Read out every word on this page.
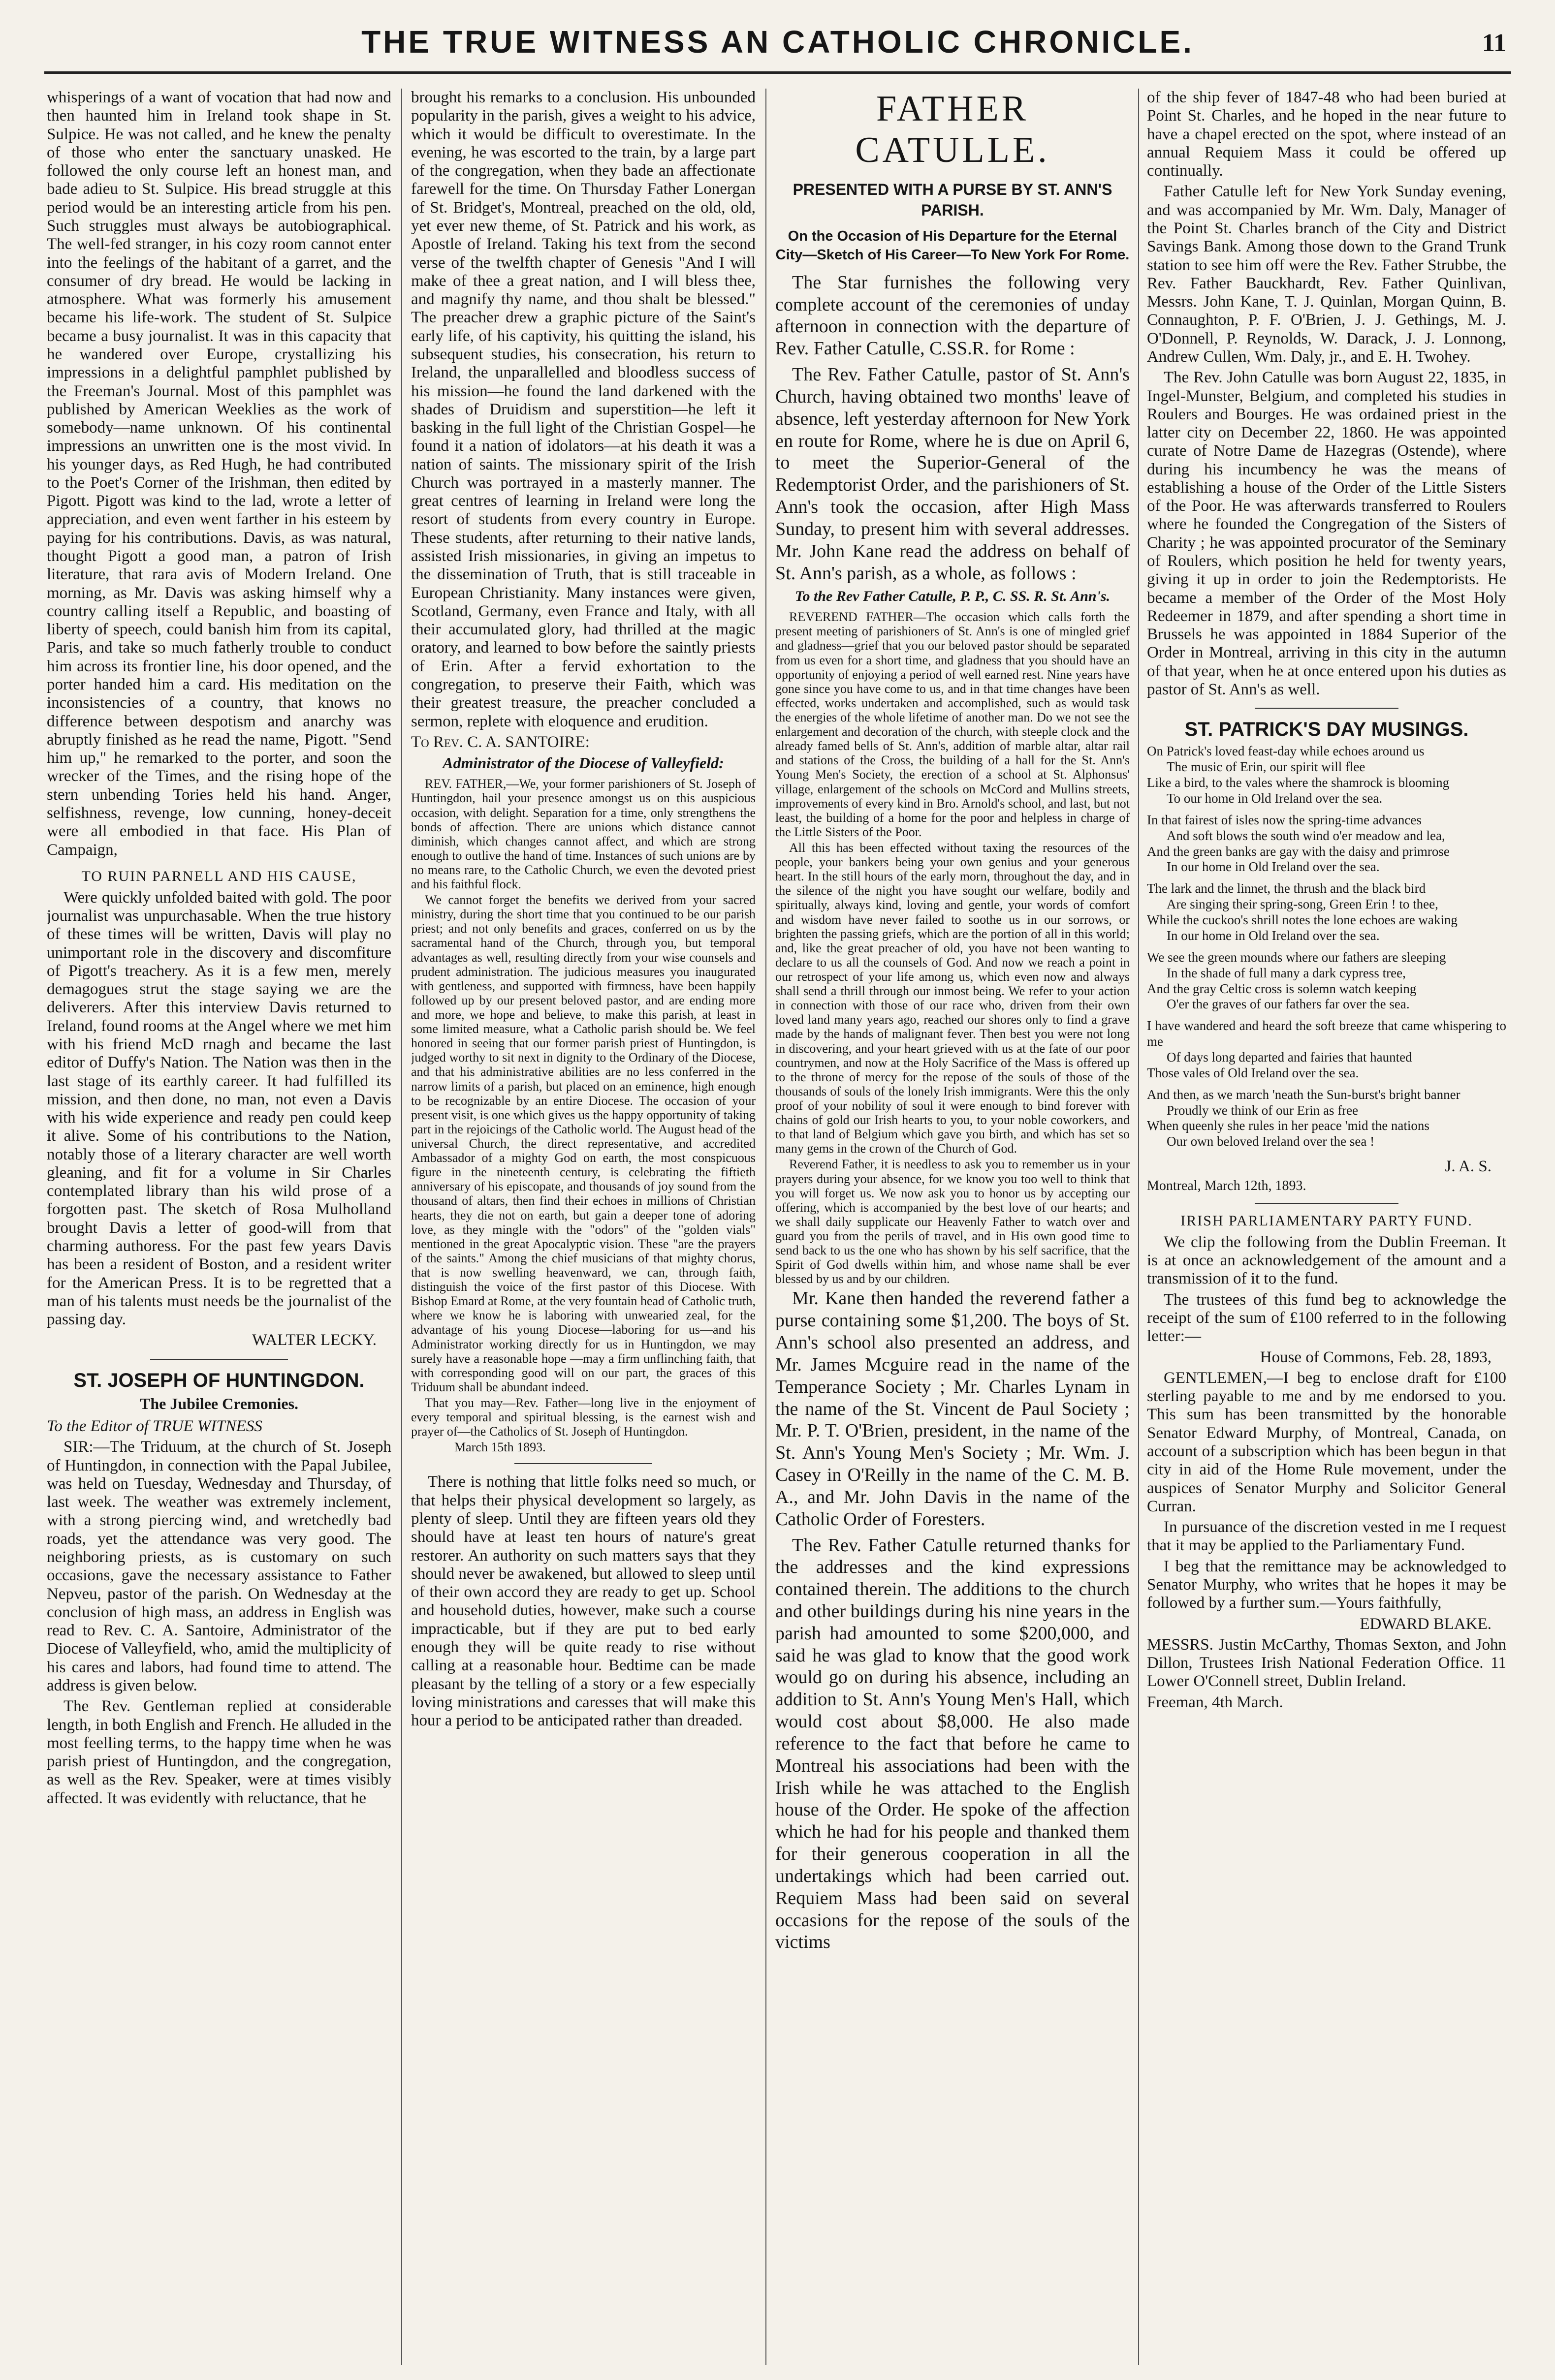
THE TRUE WITNESS AN CATHOLIC CHRONICLE.	11

whisperings of a want of vocation that had now and then haunted him in Ireland took shape in St. Sulpice. He was not called, and he knew the penalty of those who enter the sanctuary unasked. He followed the only course left an honest man, and bade adieu to St. Sulpice. His bread struggle at this period would be an interesting article from his pen. Such struggles must always be autobiographical. The well-fed stranger, in his cozy room cannot enter into the feelings of the habitant of a garret, and the consumer of dry bread. He would be lacking in atmosphere. What was formerly his amusement became his life-work. The student of St. Sulpice became a busy journalist. It was in this capacity that he wandered over Europe, crystallizing his impressions in a delightful pamphlet published by the Freeman's Journal. Most of this pamphlet was published by American Weeklies as the work of somebody—name unknown. Of his continental impressions an unwritten one is the most vivid. In his younger days, as Red Hugh, he had contributed to the Poet's Corner of the Irishman, then edited by Pigott. Pigott was kind to the lad, wrote a letter of appreciation, and even went farther in his esteem by paying for his contributions. Davis, as was natural, thought Pigott a good man, a patron of Irish literature, that rara avis of Modern Ireland. One morning, as Mr. Davis was asking himself why a country calling itself a Republic, and boasting of liberty of speech, could banish him from its capital, Paris, and take so much fatherly trouble to conduct him across its frontier line, his door opened, and the porter handed him a card. His meditation on the inconsistencies of a country, that knows no difference between despotism and anarchy was abruptly finished as he read the name, Pigott. "Send him up," he remarked to the porter, and soon the wrecker of the Times, and the rising hope of the stern unbending Tories held his hand. Anger, selfishness, revenge, low cunning, honey-deceit were all embodied in that face. His Plan of Campaign,

TO RUIN PARNELL AND HIS CAUSE,

Were quickly unfolded baited with gold. The poor journalist was unpurchasable. When the true history of these times will be written, Davis will play no unimportant role in the discovery and discomfiture of Pigott's treachery. As it is a few men, merely demagogues strut the stage saying we are the deliverers. After this interview Davis returned to Ireland, found rooms at the Angel where we met him with his friend McD rnagh and became the last editor of Duffy's Nation. The Nation was then in the last stage of its earthly career. It had fulfilled its mission, and then done, no man, not even a Davis with his wide experience and ready pen could keep it alive. Some of his contributions to the Nation, notably those of a literary character are well worth gleaning, and fit for a volume in Sir Charles contemplated library than his wild prose of a forgotten past. The sketch of Rosa Mulholland brought Davis a letter of good-will from that charming authoress. For the past few years Davis has been a resident of Boston, and a resident writer for the American Press. It is to be regretted that a man of his talents must needs be the journalist of the passing day.

WALTER LECKY.

ST. JOSEPH OF HUNTINGDON.

The Jubilee Cremonies.

To the Editor of TRUE WITNESS

SIR:—The Triduum, at the church of St. Joseph of Huntingdon, in connection with the Papal Jubilee, was held on Tuesday, Wednesday and Thursday, of last week. The weather was extremely inclement, with a strong piercing wind, and wretchedly bad roads, yet the attendance was very good. The neighboring priests, as is customary on such occasions, gave the necessary assistance to Father Nepveu, pastor of the parish. On Wednesday at the conclusion of high mass, an address in English was read to Rev. C. A. Santoire, Administrator of the Diocese of Valleyfield, who, amid the multiplicity of his cares and labors, had found time to attend. The address is given below.

The Rev. Gentleman replied at considerable length, in both English and French. He alluded in the most feelling terms, to the happy time when he was parish priest of Huntingdon, and the congregation, as well as the Rev. Speaker, were at times visibly affected. It was evidently with reluctance, that he

brought his remarks to a conclusion. His unbounded popularity in the parish, gives a weight to his advice, which it would be difficult to overestimate. In the evening, he was escorted to the train, by a large part of the congregation, when they bade an affectionate farewell for the time. On Thursday Father Lonergan of St. Bridget's, Montreal, preached on the old, old, yet ever new theme, of St. Patrick and his work, as Apostle of Ireland. Taking his text from the second verse of the twelfth chapter of Genesis "And I will make of thee a great nation, and I will bless thee, and magnify thy name, and thou shalt be blessed." The preacher drew a graphic picture of the Saint's early life, of his captivity, his quitting the island, his subsequent studies, his consecration, his return to Ireland, the unparallelled and bloodless success of his mission—he found the land darkened with the shades of Druidism and superstition—he left it basking in the full light of the Christian Gospel—he found it a nation of idolators—at his death it was a nation of saints. The missionary spirit of the Irish Church was portrayed in a masterly manner. The great centres of learning in Ireland were long the resort of students from every country in Europe. These students, after returning to their native lands, assisted Irish missionaries, in giving an impetus to the dissemination of Truth, that is still traceable in European Christianity. Many instances were given, Scotland, Germany, even France and Italy, with all their accumulated glory, had thrilled at the magic oratory, and learned to bow before the saintly priests of Erin. After a fervid exhortation to the congregation, to preserve their Faith, which was their greatest treasure, the preacher concluded a sermon, replete with eloquence and erudition.

To Rev. C. A. SANTOIRE:

Administrator of the Diocese of Valleyfield:

REV. FATHER,—We, your former parishioners of St. Joseph of Huntingdon, hail your presence amongst us on this auspicious occasion, with delight. Separation for a time, only strengthens the bonds of affection. There are unions which distance cannot diminish, which changes cannot affect, and which are strong enough to outlive the hand of time. Instances of such unions are by no means rare, to the Catholic Church, we even the devoted priest and his faithful flock.

We cannot forget the benefits we derived from your sacred ministry, during the short time that you continued to be our parish priest; and not only benefits and graces, conferred on us by the sacramental hand of the Church, through you, but temporal advantages as well, resulting directly from your wise counsels and prudent administration. The judicious measures you inaugurated with gentleness, and supported with firmness, have been happily followed up by our present beloved pastor, and are ending more and more, we hope and believe, to make this parish, at least in some limited measure, what a Catholic parish should be. We feel honored in seeing that our former parish priest of Huntingdon, is judged worthy to sit next in dignity to the Ordinary of the Diocese, and that his administrative abilities are no less conferred in the narrow limits of a parish, but placed on an eminence, high enough to be recognizable by an entire Diocese. The occasion of your present visit, is one which gives us the happy opportunity of taking part in the rejoicings of the Catholic world. The August head of the universal Church, the direct representative, and accredited Ambassador of a mighty God on earth, the most conspicuous figure in the nineteenth century, is celebrating the fiftieth anniversary of his episcopate, and thousands of joy sound from the thousand of altars, then find their echoes in millions of Christian hearts, they die not on earth, but gain a deeper tone of adoring love, as they mingle with the "odors" of the "golden vials" mentioned in the great Apocalyptic vision. These "are the prayers of the saints." Among the chief musicians of that mighty chorus, that is now swelling heavenward, we can, through faith, distinguish the voice of the first pastor of this Diocese. With Bishop Emard at Rome, at the very fountain head of Catholic truth, where we know he is laboring with unwearied zeal, for the advantage of his young Diocese—laboring for us—and his Administrator working directly for us in Huntingdon, we may surely have a reasonable hope —may a firm unflinching faith, that with corresponding good will on our part, the graces of this Triduum shall be abundant indeed.

That you may—Rev. Father—long live in the enjoyment of every temporal and spiritual blessing, is the earnest wish and prayer of—the Catholics of St. Joseph of Huntingdon.

March 15th 1893.

There is nothing that little folks need so much, or that helps their physical development so largely, as plenty of sleep. Until they are fifteen years old they should have at least ten hours of nature's great restorer. An authority on such matters says that they should never be awakened, but allowed to sleep until of their own accord they are ready to get up. School and household duties, however, make such a course impracticable, but if they are put to bed early enough they will be quite ready to rise without calling at a reasonable hour. Bedtime can be made pleasant by the telling of a story or a few especially loving ministrations and caresses that will make this hour a period to be anticipated rather than dreaded.

FATHER CATULLE.

PRESENTED WITH A PURSE BY ST. ANN'S PARISH.

On the Occasion of His Departure for the Eternal City—Sketch of His Career—To New York For Rome.

The Star furnishes the following very complete account of the ceremonies of unday afternoon in connection with the departure of Rev. Father Catulle, C.SS.R. for Rome :

The Rev. Father Catulle, pastor of St. Ann's Church, having obtained two months' leave of absence, left yesterday afternoon for New York en route for Rome, where he is due on April 6, to meet the Superior-General of the Redemptorist Order, and the parishioners of St. Ann's took the occasion, after High Mass Sunday, to present him with several addresses. Mr. John Kane read the address on behalf of St. Ann's parish, as a whole, as follows :

To the Rev Father Catulle, P. P., C. SS. R. St. Ann's.

REVEREND FATHER—The occasion which calls forth the present meeting of parishioners of St. Ann's is one of mingled grief and gladness—grief that you our beloved pastor should be separated from us even for a short time, and gladness that you should have an opportunity of enjoying a period of well earned rest. Nine years have gone since you have come to us, and in that time changes have been effected, works undertaken and accomplished, such as would task the energies of the whole lifetime of another man. Do we not see the enlargement and decoration of the church, with steeple clock and the already famed bells of St. Ann's, addition of marble altar, altar rail and stations of the Cross, the building of a hall for the St. Ann's Young Men's Society, the erection of a school at St. Alphonsus' village, enlargement of the schools on McCord and Mullins streets, improvements of every kind in Bro. Arnold's school, and last, but not least, the building of a home for the poor and helpless in charge of the Little Sisters of the Poor.

All this has been effected without taxing the resources of the people, your bankers being your own genius and your generous heart. In the still hours of the early morn, throughout the day, and in the silence of the night you have sought our welfare, bodily and spiritually, always kind, loving and gentle, your words of comfort and wisdom have never failed to soothe us in our sorrows, or brighten the passing griefs, which are the portion of all in this world; and, like the great preacher of old, you have not been wanting to declare to us all the counsels of God. And now we reach a point in our retrospect of your life among us, which even now and always shall send a thrill through our inmost being. We refer to your action in connection with those of our race who, driven from their own loved land many years ago, reached our shores only to find a grave made by the hands of malignant fever. Then best you were not long in discovering, and your heart grieved with us at the fate of our poor countrymen, and now at the Holy Sacrifice of the Mass is offered up to the throne of mercy for the repose of the souls of those of the thousands of souls of the lonely Irish immigrants. Were this the only proof of your nobility of soul it were enough to bind forever with chains of gold our Irish hearts to you, to your noble coworkers, and to that land of Belgium which gave you birth, and which has set so many gems in the crown of the Church of God.

Reverend Father, it is needless to ask you to remember us in your prayers during your absence, for we know you too well to think that you will forget us. We now ask you to honor us by accepting our offering, which is accompanied by the best love of our hearts; and we shall daily supplicate our Heavenly Father to watch over and guard you from the perils of travel, and in His own good time to send back to us the one who has shown by his self sacrifice, that the Spirit of God dwells within him, and whose name shall be ever blessed by us and by our children.

Mr. Kane then handed the reverend father a purse containing some $1,200. The boys of St. Ann's school also presented an address, and Mr. James Mcguire read in the name of the Temperance Society ; Mr. Charles Lynam in the name of the St. Vincent de Paul Society ; Mr. P. T. O'Brien, president, in the name of the St. Ann's Young Men's Society ; Mr. Wm. J. Casey in O'Reilly in the name of the C. M. B. A., and Mr. John Davis in the name of the Catholic Order of Foresters.

The Rev. Father Catulle returned thanks for the addresses and the kind expressions contained therein. The additions to the church and other buildings during his nine years in the parish had amounted to some $200,000, and said he was glad to know that the good work would go on during his absence, including an addition to St. Ann's Young Men's Hall, which would cost about $8,000. He also made reference to the fact that before he came to Montreal his associations had been with the Irish while he was attached to the English house of the Order. He spoke of the affection which he had for his people and thanked them for their generous cooperation in all the undertakings which had been carried out. Requiem Mass had been said on several occasions for the repose of the souls of the victims

of the ship fever of 1847-48 who had been buried at Point St. Charles, and he hoped in the near future to have a chapel erected on the spot, where instead of an annual Requiem Mass it could be offered up continually.

Father Catulle left for New York Sunday evening, and was accompanied by Mr. Wm. Daly, Manager of the Point St. Charles branch of the City and District Savings Bank. Among those down to the Grand Trunk station to see him off were the Rev. Father Strubbe, the Rev. Father Bauckhardt, Rev. Father Quinlivan, Messrs. John Kane, T. J. Quinlan, Morgan Quinn, B. Connaughton, P. F. O'Brien, J. J. Gethings, M. J. O'Donnell, P. Reynolds, W. Darack, J. J. Lonnong, Andrew Cullen, Wm. Daly, jr., and E. H. Twohey.

The Rev. John Catulle was born August 22, 1835, in Ingel-Munster, Belgium, and completed his studies in Roulers and Bourges. He was ordained priest in the latter city on December 22, 1860. He was appointed curate of Notre Dame de Hazegras (Ostende), where during his incumbency he was the means of establishing a house of the Order of the Little Sisters of the Poor. He was afterwards transferred to Roulers where he founded the Congregation of the Sisters of Charity ; he was appointed procurator of the Seminary of Roulers, which position he held for twenty years, giving it up in order to join the Redemptorists. He became a member of the Order of the Most Holy Redeemer in 1879, and after spending a short time in Brussels he was appointed in 1884 Superior of the Order in Montreal, arriving in this city in the autumn of that year, when he at once entered upon his duties as pastor of St. Ann's as well.

ST. PATRICK'S DAY MUSINGS.

On Patrick's loved feast-day while echoes around us
The music of Erin, our spirit will flee
Like a bird, to the vales where the shamrock is blooming
To our home in Old Ireland over the sea.
In that fairest of isles now the spring-time advances
And soft blows the south wind o'er meadow and lea,
And the green banks are gay with the daisy and primrose
In our home in Old Ireland over the sea.
The lark and the linnet, the thrush and the black bird
Are singing their spring-song, Green Erin ! to thee,
While the cuckoo's shrill notes the lone echoes are waking
In our home in Old Ireland over the sea.
We see the green mounds where our fathers are sleeping
In the shade of full many a dark cypress tree,
And the gray Celtic cross is solemn watch keeping
O'er the graves of our fathers far over the sea.
I have wandered and heard the soft breeze that came whispering to me
Of days long departed and fairies that haunted
Those vales of Old Ireland over the sea.
And then, as we march 'neath the Sun-burst's bright banner
Proudly we think of our Erin as free
When queenly she rules in her peace 'mid the nations
Our own beloved Ireland over the sea !

J. A. S.

Montreal, March 12th, 1893.

IRISH PARLIAMENTARY PARTY FUND.

We clip the following from the Dublin Freeman. It is at once an acknowledgement of the amount and a transmission of it to the fund.

The trustees of this fund beg to acknowledge the receipt of the sum of £100 referred to in the following letter:—

House of Commons, Feb. 28, 1893,

GENTLEMEN,—I beg to enclose draft for £100 sterling payable to me and by me endorsed to you. This sum has been transmitted by the honorable Senator Edward Murphy, of Montreal, Canada, on account of a subscription which has been begun in that city in aid of the Home Rule movement, under the auspices of Senator Murphy and Solicitor General Curran.

In pursuance of the discretion vested in me I request that it may be applied to the Parliamentary Fund.

I beg that the remittance may be acknowledged to Senator Murphy, who writes that he hopes it may be followed by a further sum.—Yours faithfully,

EDWARD BLAKE.

MESSRS. Justin McCarthy, Thomas Sexton, and John Dillon, Trustees Irish National Federation Office. 11 Lower O'Connell street, Dublin Ireland.

Freeman, 4th March.
